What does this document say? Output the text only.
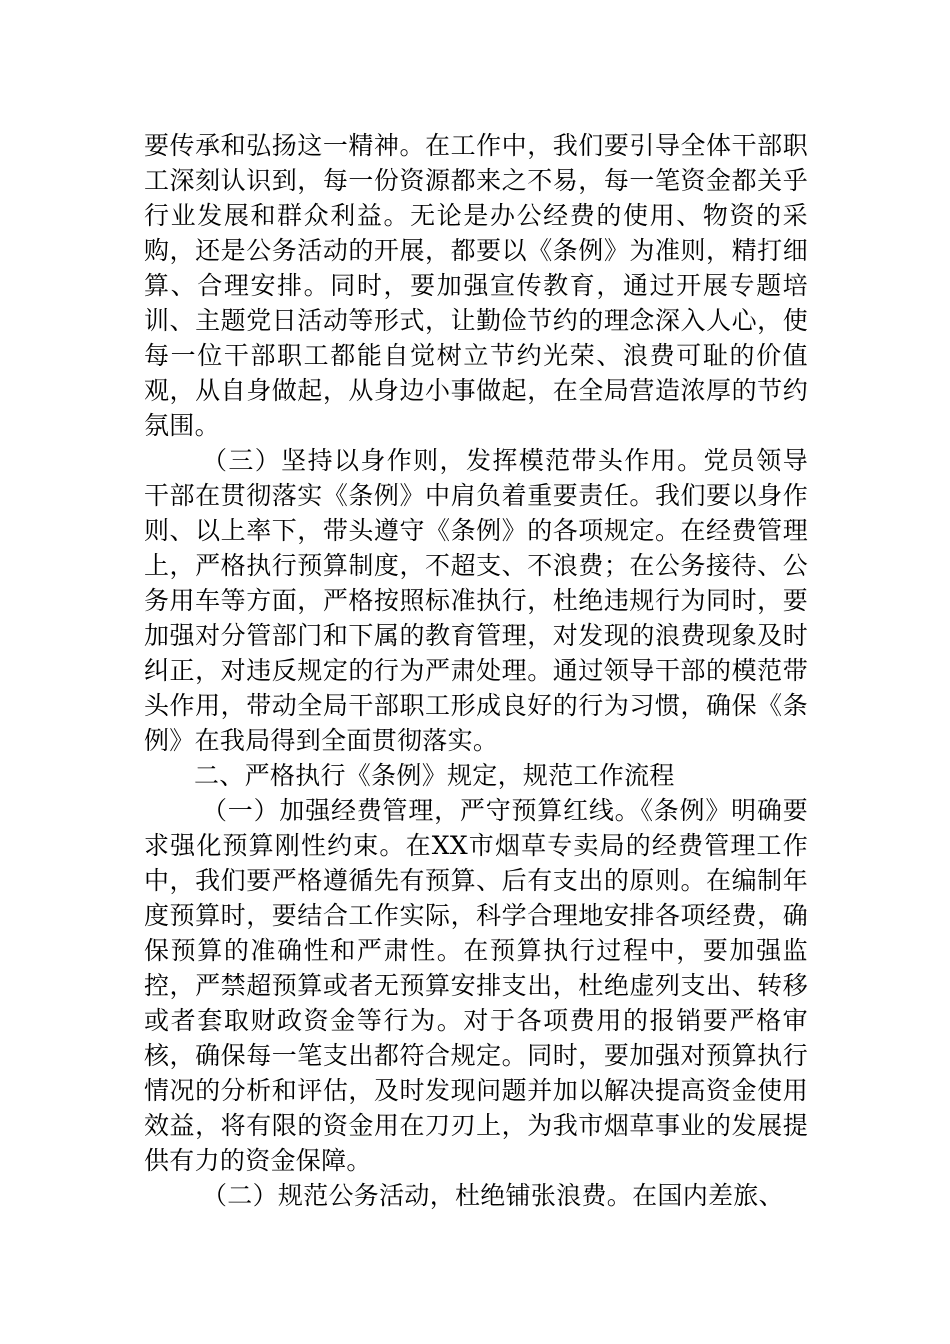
要传承和弘扬这一精神。在工作中，我们要引导全体干部职工深刻认识到，每一份资源都来之不易，每一笔资金都关乎行业发展和群众利益。无论是办公经费的使用、物资的采购，还是公务活动的开展，都要以《条例》为准则，精打细算、合理安排。同时，要加强宣传教育，通过开展专题培训、主题党日活动等形式，让勤俭节约的理念深入人心，使每一位干部职工都能自觉树立节约光荣、浪费可耻的价值观，从自身做起，从身边小事做起，在全局营造浓厚的节约氛围。

（三）坚持以身作则，发挥模范带头作用。党员领导干部在贯彻落实《条例》中肩负着重要责任。我们要以身作则、以上率下，带头遵守《条例》的各项规定。在经费管理上，严格执行预算制度，不超支、不浪费；在公务接待、公务用车等方面，严格按照标准执行，杜绝违规行为同时，要加强对分管部门和下属的教育管理，对发现的浪费现象及时纠正，对违反规定的行为严肃处理。通过领导干部的模范带头作用，带动全局干部职工形成良好的行为习惯，确保《条例》在我局得到全面贯彻落实。

二、严格执行《条例》规定，规范工作流程

（一）加强经费管理，严守预算红线。《条例》明确要求强化预算刚性约束。在XX市烟草专卖局的经费管理工作中，我们要严格遵循先有预算、后有支出的原则。在编制年度预算时，要结合工作实际，科学合理地安排各项经费，确保预算的准确性和严肃性。在预算执行过程中，要加强监控，严禁超预算或者无预算安排支出，杜绝虚列支出、转移或者套取财政资金等行为。对于各项费用的报销要严格审核，确保每一笔支出都符合规定。同时，要加强对预算执行情况的分析和评估，及时发现问题并加以解决提高资金使用效益，将有限的资金用在刀刃上，为我市烟草事业的发展提供有力的资金保障。

（二）规范公务活动，杜绝铺张浪费。在国内差旅、
